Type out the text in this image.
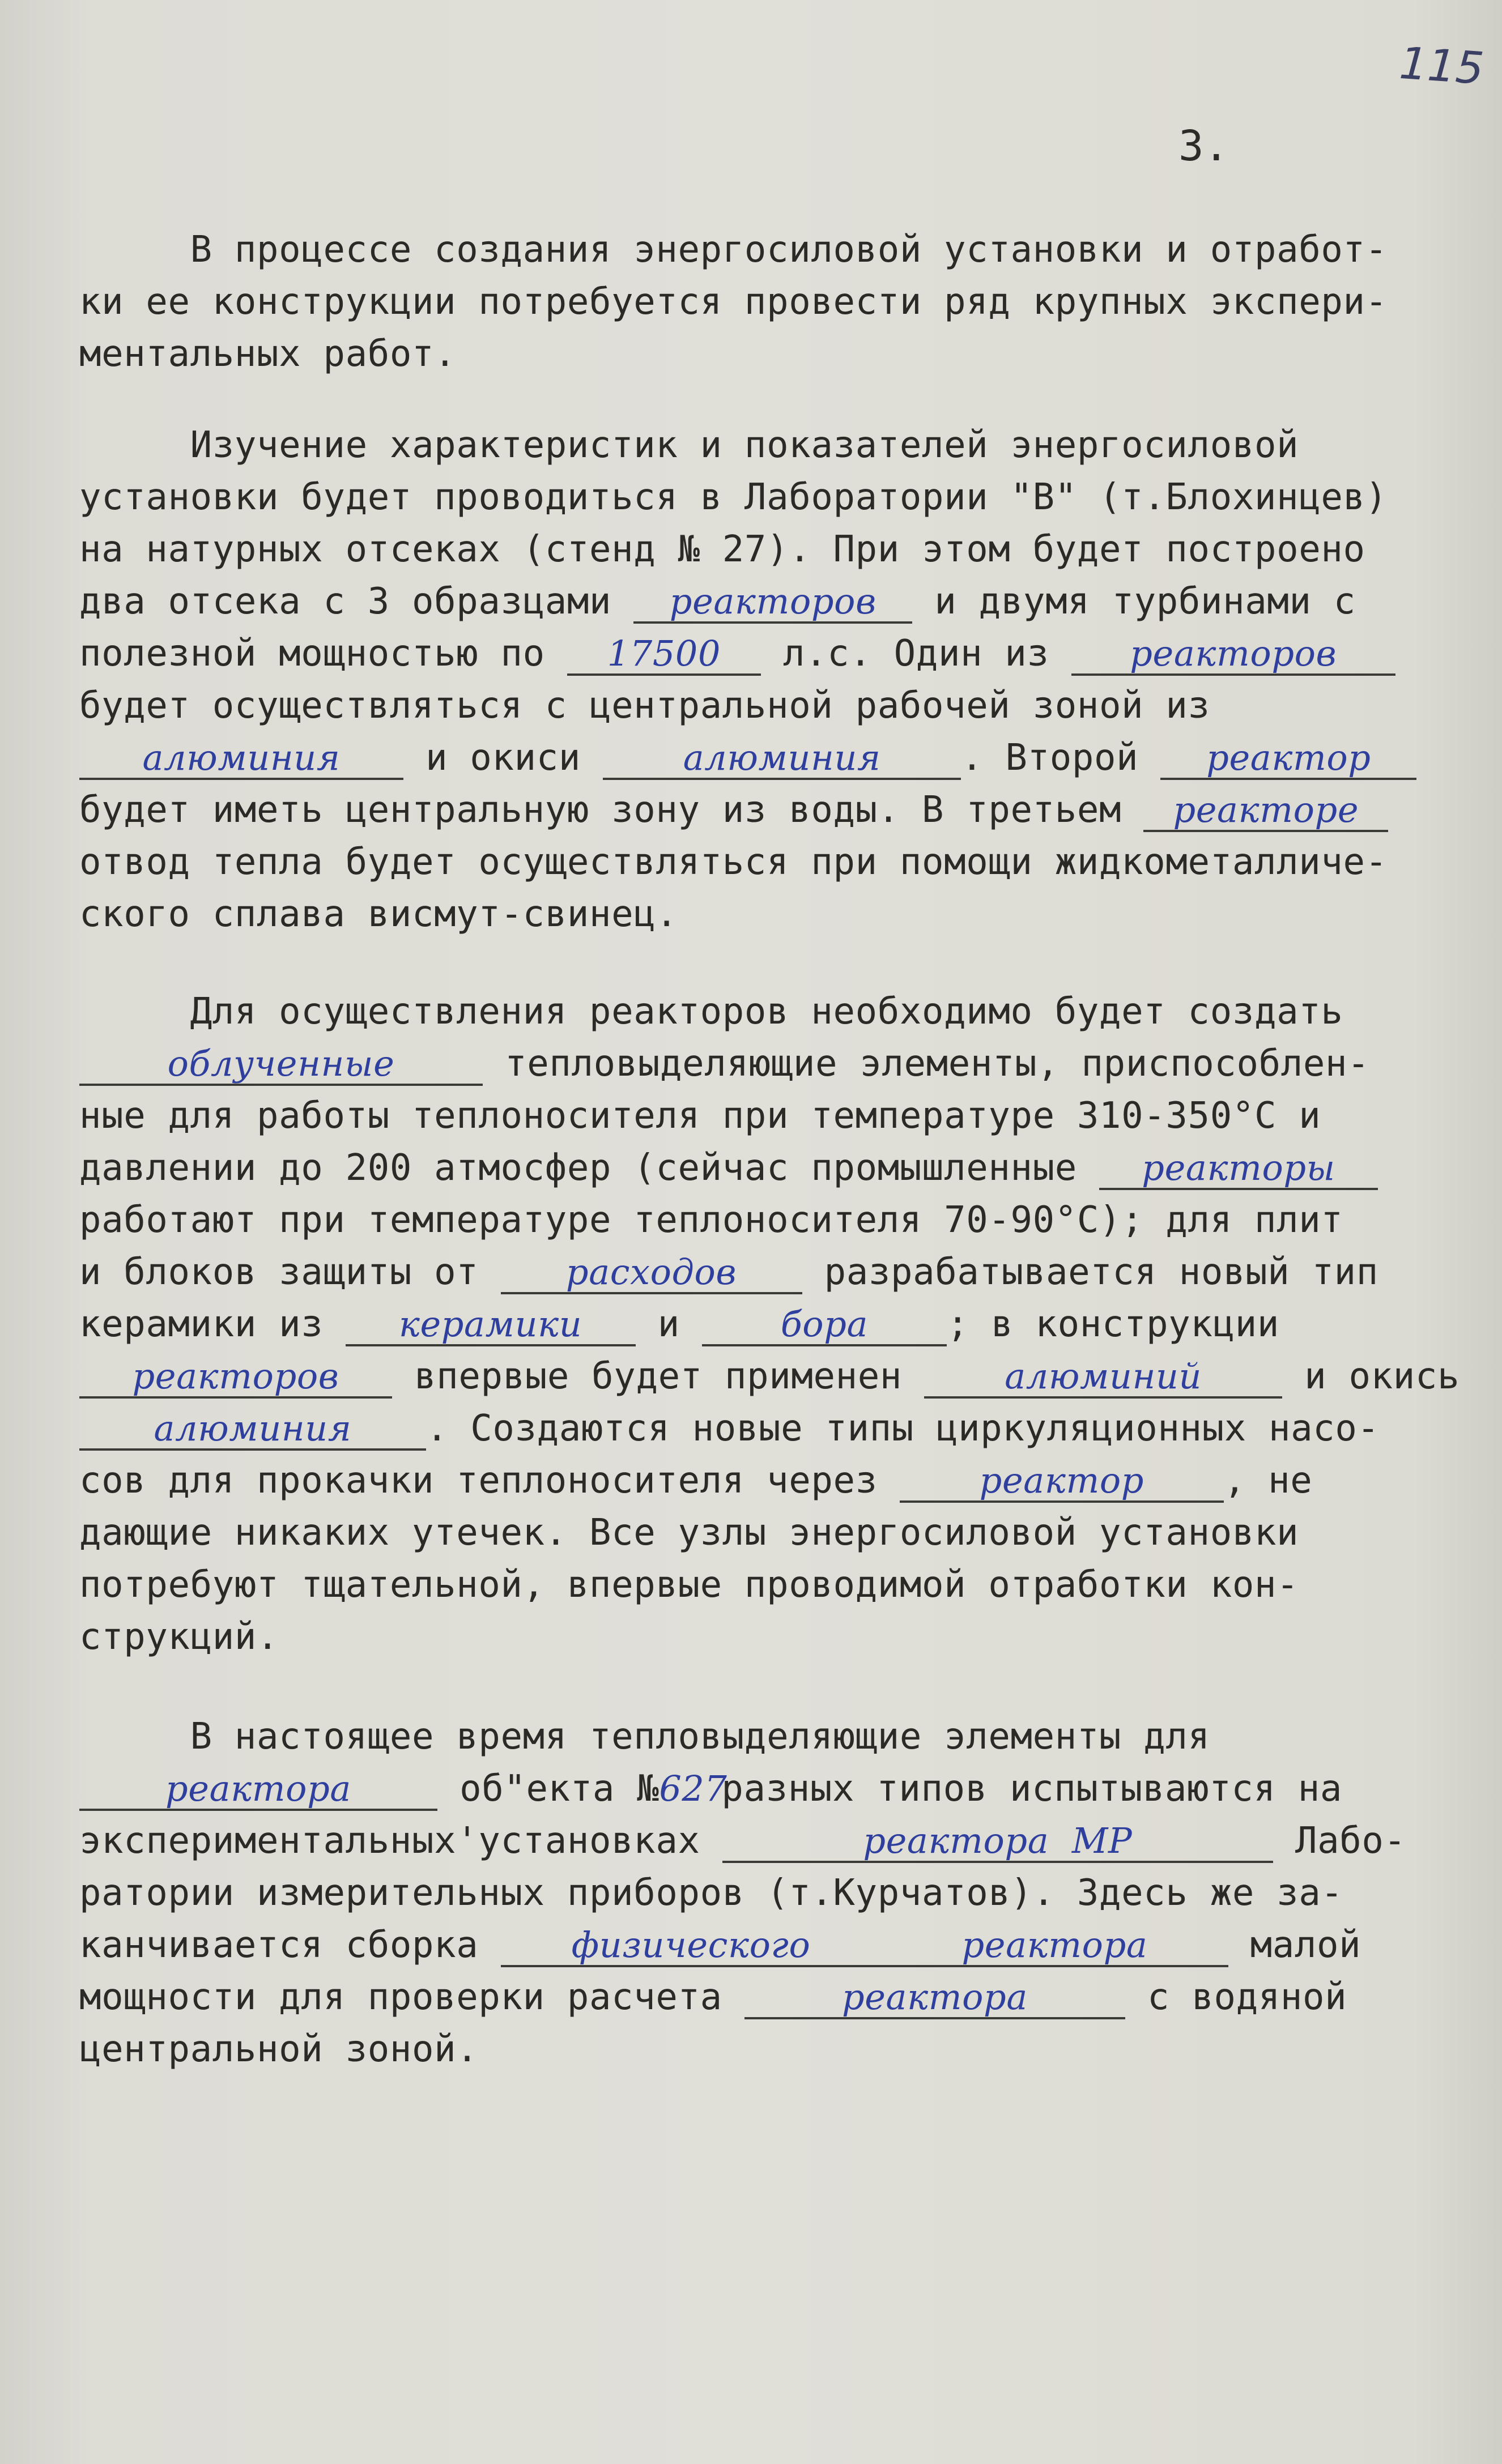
115
3.
В процессе создания энергосиловой установки и отработ-
ки ее конструкции потребуется провести ряд крупных экспери-
ментальных работ.
Изучение характеристик и показателей энергосиловой
установки будет проводиться в Лаборатории "В" (т.Блохинцев)
на натурных отсеках (стенд № 27). При этом будет построено
два отсека с 3 образцами реакторов и двумя турбинами с
полезной мощностью по 17500 л.с. Один из реакторов
будет осуществляться с центральной рабочей зоной из
алюминия и окиси алюминия . Второй реактор
будет иметь центральную зону из воды. В третьем реакторе
отвод тепла будет осуществляться при помощи жидкометалличе-
ского сплава висмут-свинец.
Для осуществления реакторов необходимо будет создать
облученные тепловыделяющие элементы, приспособлен-
ные для работы теплоносителя при температуре 310-350°С и
давлении до 200 атмосфер (сейчас промышленные реакторы
работают при температуре теплоносителя 70-90°С); для плит
и блоков защиты от расходов разрабатывается новый тип
керамики из керамики и бора ; в конструкции
реакторов впервые будет применен алюминий и окись
алюминия . Создаются новые типы циркуляционных насо-
сов для прокачки теплоносителя через реактор , не
дающие никаких утечек. Все узлы энергосиловой установки
потребуют тщательной, впервые проводимой отработки кон-
струкций.
В настоящее время тепловыделяющие элементы для
реактора об"екта №627разных типов испытываются на
экспериментальных'установках	реактора  МР	Лабо-
ратории измерительных приборов (т.Курчатов). Здесь же за-
канчивается сборка физического	реактора малой
мощности для проверки расчета	реактора	с водяной
центральной зоной.
